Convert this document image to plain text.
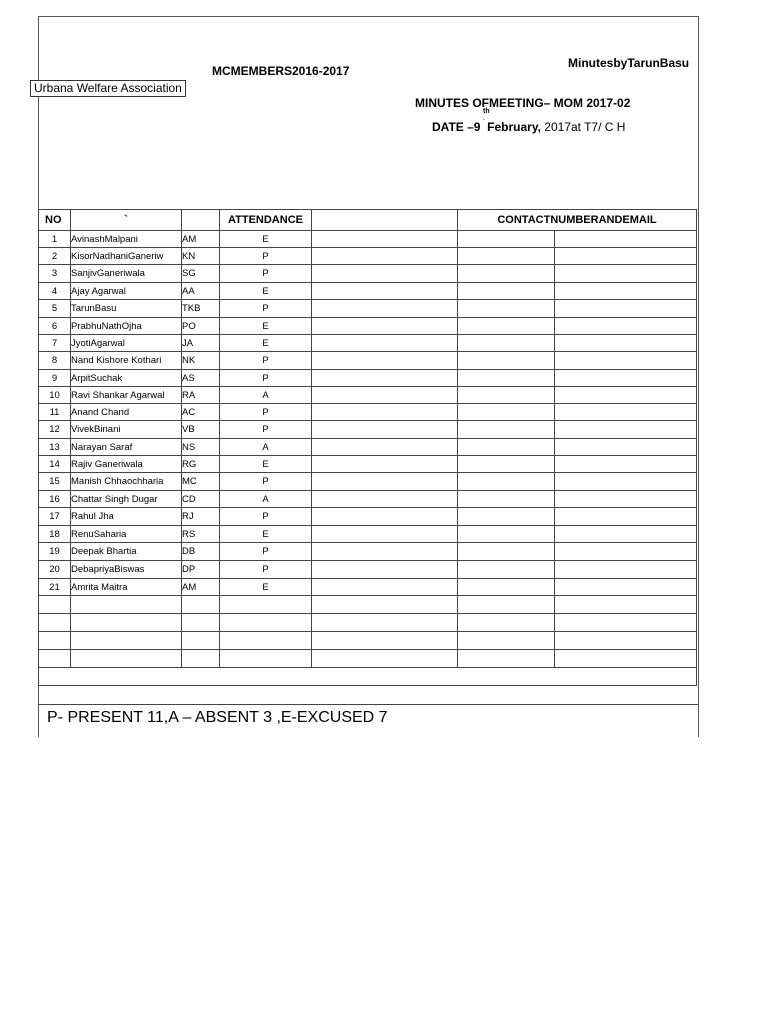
MCMEMBERS2016-2017
MinutesbyTarunBasu
Urbana Welfare Association
MINUTES OFMEETING– MOM 2017-02
th
DATE –9 ` February, 2017at T7/ C H
NO	`		ATTENDANCE		CONTACTNUMBERANDEMAIL	
1	AvinashMalpani	AM	E			
2	KisorNadhaniGaneriw	KN	P			
3	SanjivGaneriwala	SG	P			
4	Ajay Agarwal	AA	E			
5	TarunBasu	TKB	P			
6	PrabhuNathOjha	PO	E			
7	JyotiAgarwal	JA	E			
8	Nand Kishore Kothari	NK	P			
9	ArpitSuchak	AS	P			
10	Ravi Shankar Agarwal	RA	A			
11	Anand Chand	AC	P			
12	VivekBinani	VB	P			
13	Narayan Saraf	NS	A			
14	Rajiv Ganeriwala	RG	E			
15	Manish Chhaochharia	MC	P			
16	Chattar Singh Dugar	CD	A			
17	Rahul Jha	RJ	P			
18	RenuSaharia	RS	E			
19	Deepak Bhartia	DB	P			
20	DebapriyaBiswas	DP	P			
21	Amrita Maitra	AM	E			

P- PRESENT 11,A – ABSENT 3 ,E-EXCUSED 7
